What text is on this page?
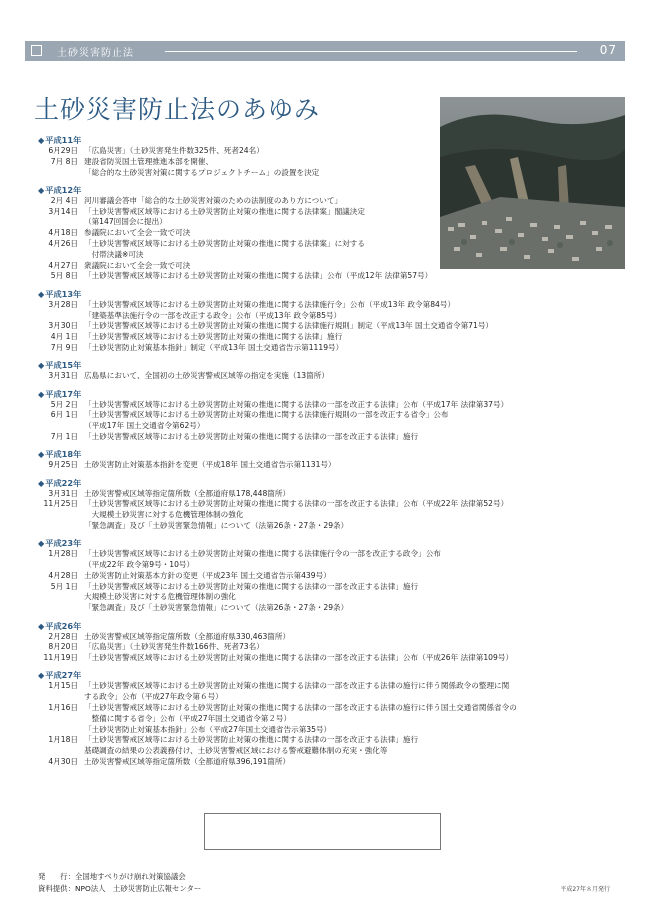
土砂災害防止法	07
土砂災害防止法のあゆみ
◆平成11年
6月29日 「広島災害」（土砂災害発生件数325件、死者24名）
7月 8日 建設省防災国土管理推進本部を開催、
「総合的な土砂災害対策に関するプロジェクトチーム」の設置を決定
◆平成12年
2月 4日 河川審議会答申「総合的な土砂災害対策のための法制度のあり方について」
3月14日 「土砂災害警戒区域等における土砂災害防止対策の推進に関する法律案」閣議決定
（第147回国会に提出）
4月18日 参議院において全会一致で可決
4月26日 「土砂災害警戒区域等における土砂災害防止対策の推進に関する法律案」に対する
　付帯決議※可決
4月27日 衆議院において全会一致で可決
5月 8日 「土砂災害警戒区域等における土砂災害防止対策の推進に関する法律」公布（平成12年 法律第57号）
◆平成13年
3月28日 「土砂災害警戒区域等における土砂災害防止対策の推進に関する法律施行令」公布（平成13年 政令第84号）
「建築基準法施行令の一部を改正する政令」公布（平成13年 政令第85号）
3月30日 「土砂災害警戒区域等における土砂災害防止対策の推進に関する法律施行規則」制定（平成13年 国土交通省令第71号）
4月 1日 「土砂災害警戒区域等における土砂災害防止対策の推進に関する法律」施行
7月 9日 「土砂災害防止対策基本指針」制定（平成13年 国土交通省告示第1119号）
◆平成15年
3月31日 広島県において、全国初の土砂災害警戒区域等の指定を実施（13箇所）
◆平成17年
5月 2日 「土砂災害警戒区域等における土砂災害防止対策の推進に関する法律の一部を改正する法律」公布（平成17年 法律第37号）
6月 1日 「土砂災害警戒区域等における土砂災害防止対策の推進に関する法律施行規則の一部を改正する省令」公布
（平成17年 国土交通省令第62号）
7月 1日 「土砂災害警戒区域等における土砂災害防止対策の推進に関する法律の一部を改正する法律」施行
◆平成18年
9月25日 土砂災害防止対策基本指針を変更（平成18年 国土交通省告示第1131号）
◆平成22年
3月31日 土砂災害警戒区域等指定箇所数（全都道府県178,448箇所）
11月25日 「土砂災害警戒区域等における土砂災害防止対策の推進に関する法律の一部を改正する法律」公布（平成22年 法律第52号）
　大規模土砂災害に対する危機管理体制の強化
「緊急調査」及び「土砂災害緊急情報」について（法第26条・27条・29条）
◆平成23年
1月28日 「土砂災害警戒区域等における土砂災害防止対策の推進に関する法律施行令の一部を改正する政令」公布
（平成22年 政令第9号・10号）
4月28日 土砂災害防止対策基本方針の変更（平成23年 国土交通省告示第439号）
5月 1日 「土砂災害警戒区域等における土砂災害防止対策の推進に関する法律の一部を改正する法律」施行
大規模土砂災害に対する危機管理体制の強化
「緊急調査」及び「土砂災害緊急情報」について（法第26条・27条・29条）
◆平成26年
2月28日 土砂災害警戒区域等指定箇所数（全都道府県330,463箇所）
8月20日 「広島災害」（土砂災害発生件数166件、死者73名）
11月19日 「土砂災害警戒区域等における土砂災害防止対策の推進に関する法律の一部を改正する法律」公布（平成26年 法律第109号）
◆平成27年
1月15日 「土砂災害警戒区域等における土砂災害防止対策の推進に関する法律の一部を改正する法律の施行に伴う関係政令の整理に関
する政令」公布（平成27年政令第６号）
1月16日 「土砂災害警戒区域等における土砂災害防止対策の推進に関する法律の一部を改正する法律の施行に伴う国土交通省関係省令の
　整備に関する省令」公布（平成27年国土交通省令第２号）
「土砂災害防止対策基本指針」公布（平成27年国土交通省告示第35号）
1月18日 「土砂災害警戒区域等における土砂災害防止対策の推進に関する法律の一部を改正する法律」施行
基礎調査の結果の公表義務付け、土砂災害警戒区域における警戒避難体制の充実・強化等
4月30日 土砂災害警戒区域等指定箇所数（全都道府県396,191箇所）
発　　行：全国地すべりがけ崩れ対策協議会
資料提供：NPO法人　土砂災害防止広報センター	平成27年８月発行
